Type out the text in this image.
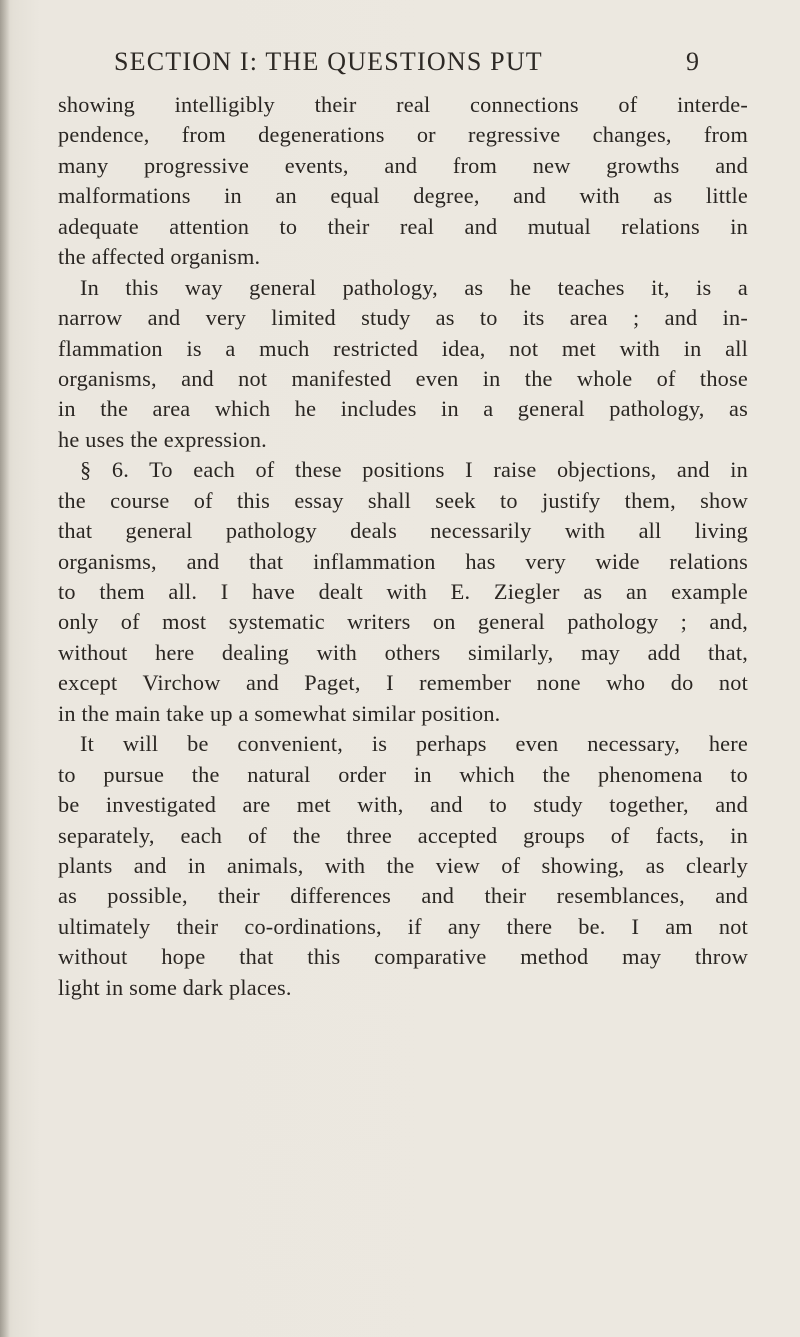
SECTION I: THE QUESTIONS PUT	9
showing intelligibly their real connections of interde-
pendence, from degenerations or regressive changes, from
many progressive events, and from new growths and
malformations in an equal degree, and with as little
adequate attention to their real and mutual relations in
the affected organism.
In this way general pathology, as he teaches it, is a
narrow and very limited study as to its area ; and in-
flammation is a much restricted idea, not met with in all
organisms, and not manifested even in the whole of those
in the area which he includes in a general pathology, as
he uses the expression.
§ 6. To each of these positions I raise objections, and in
the course of this essay shall seek to justify them, show
that general pathology deals necessarily with all living
organisms, and that inflammation has very wide relations
to them all. I have dealt with E. Ziegler as an example
only of most systematic writers on general pathology ; and,
without here dealing with others similarly, may add that,
except Virchow and Paget, I remember none who do not
in the main take up a somewhat similar position.
It will be convenient, is perhaps even necessary, here
to pursue the natural order in which the phenomena to
be investigated are met with, and to study together, and
separately, each of the three accepted groups of facts, in
plants and in animals, with the view of showing, as clearly
as possible, their differences and their resemblances, and
ultimately their co-ordinations, if any there be. I am not
without hope that this comparative method may throw
light in some dark places.
